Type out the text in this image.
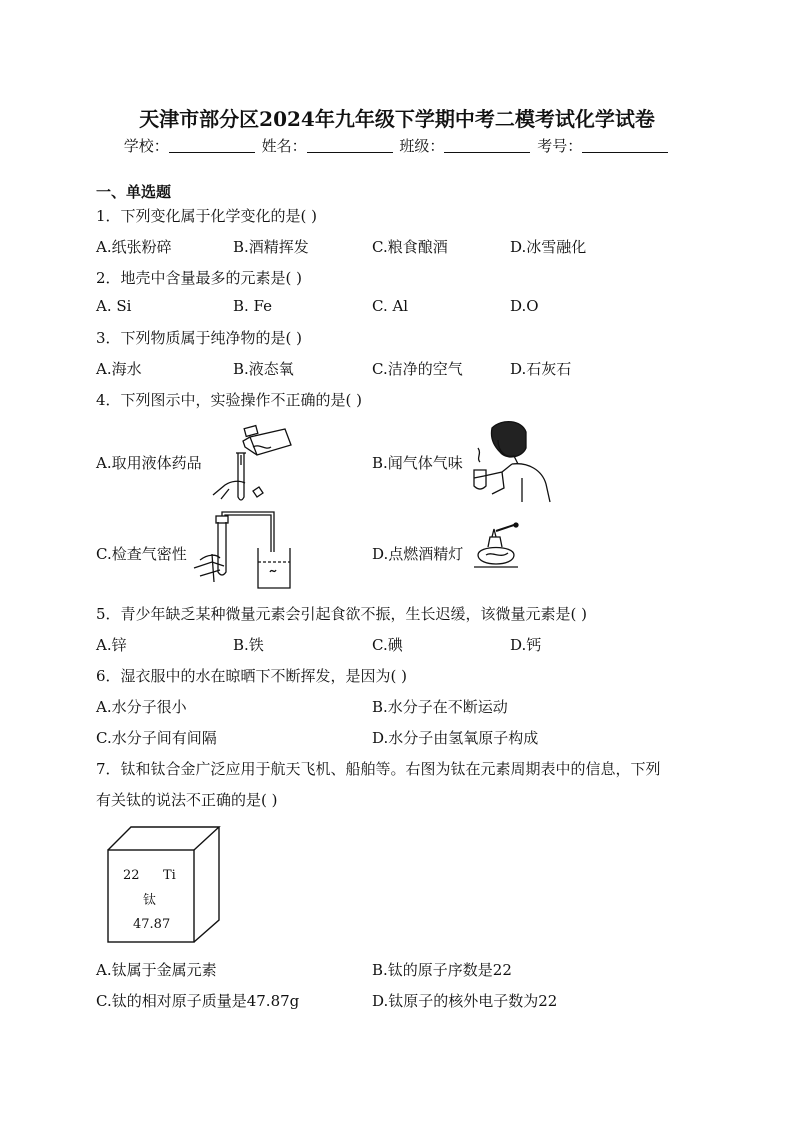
天津市部分区2024年九年级下学期中考二模考试化学试卷
学校：	姓名：	班级：	考号：
一、单选题
1．下列变化属于化学变化的是( )
A.纸张粉碎	B.酒精挥发	C.粮食酿酒	D.冰雪融化
2．地壳中含量最多的元素是( )
A. Si	B. Fe	C. Al	D.O
3．下列物质属于纯净物的是( )
A.海水	B.液态氧	C.洁净的空气	D.石灰石
4．下列图示中，实验操作不正确的是( )
A.取用液体药品	B.闻气体气味
C.检查气密性	D.点燃酒精灯
5．青少年缺乏某种微量元素会引起食欲不振，生长迟缓，该微量元素是( )
A.锌	B.铁	C.碘	D.钙
6．湿衣服中的水在晾晒下不断挥发，是因为( )
A.水分子很小	B.水分子在不断运动
C.水分子间有间隔	D.水分子由氢氧原子构成
7．钛和钛合金广泛应用于航天飞机、船舶等。右图为钛在元素周期表中的信息，下列
有关钛的说法不正确的是( )
22 Ti
钛
47.87
A.钛属于金属元素	B.钛的原子序数是22
C.钛的相对原子质量是47.87g	D.钛原子的核外电子数为22
